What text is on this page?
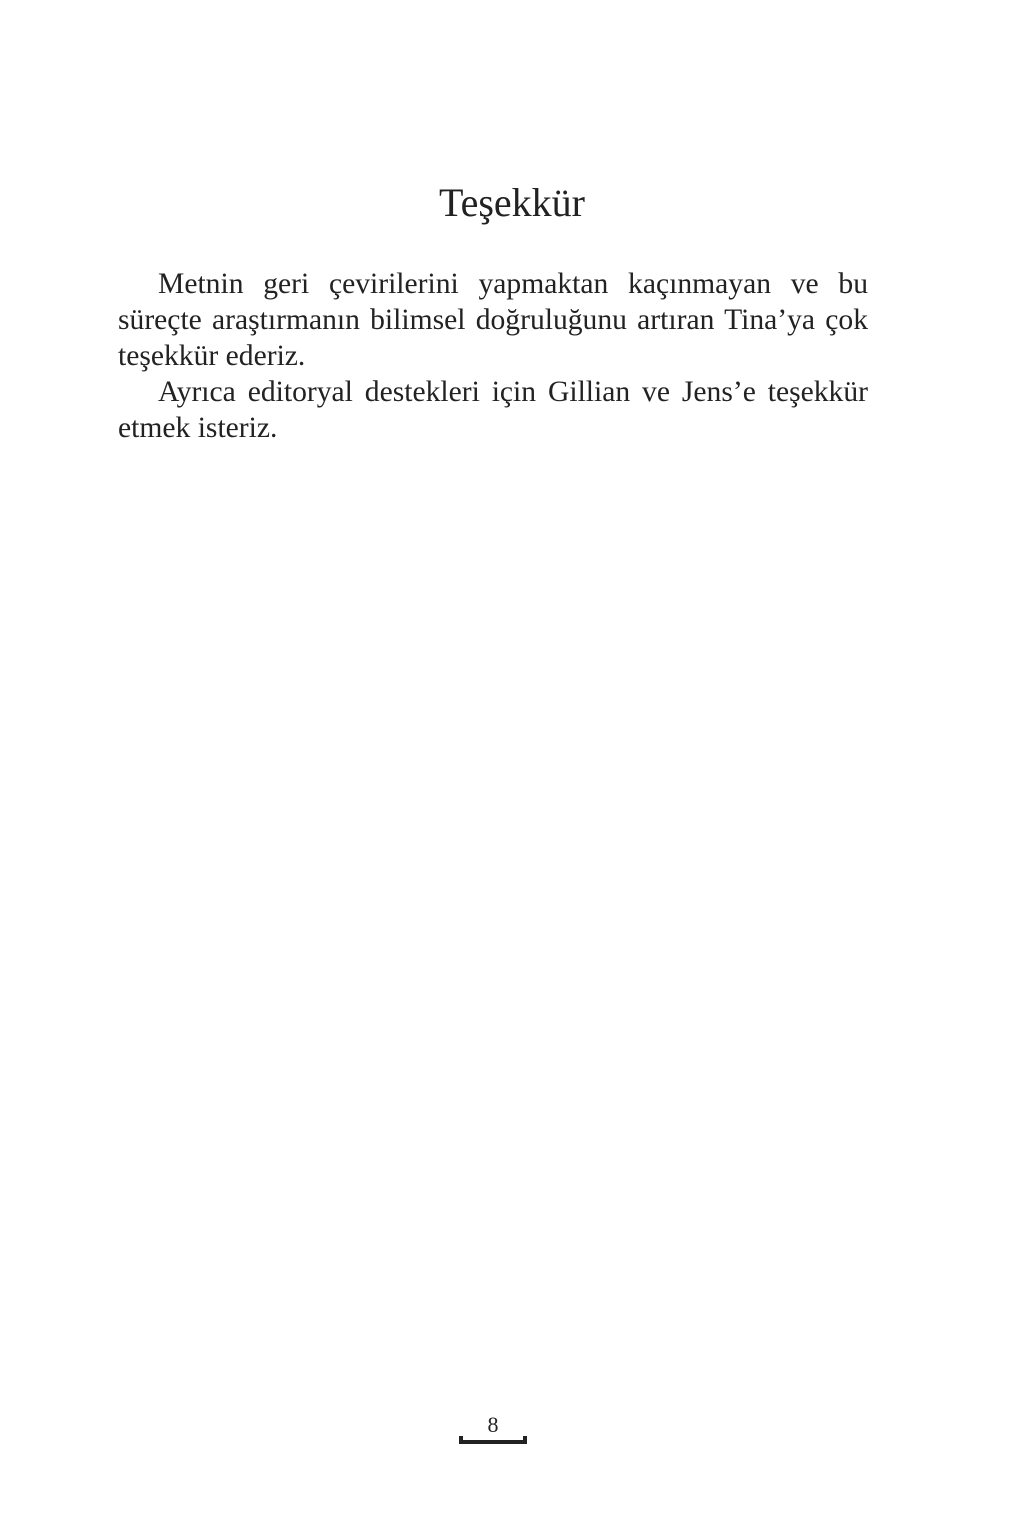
Teşekkür

Metnin geri çevirilerini yapmaktan kaçınmayan ve bu süreçte araştırmanın bilimsel doğruluğunu artıran Tina’ya çok teşekkür ederiz.

Ayrıca editoryal destekleri için Gillian ve Jens’e teşekkür etmek isteriz.

8
